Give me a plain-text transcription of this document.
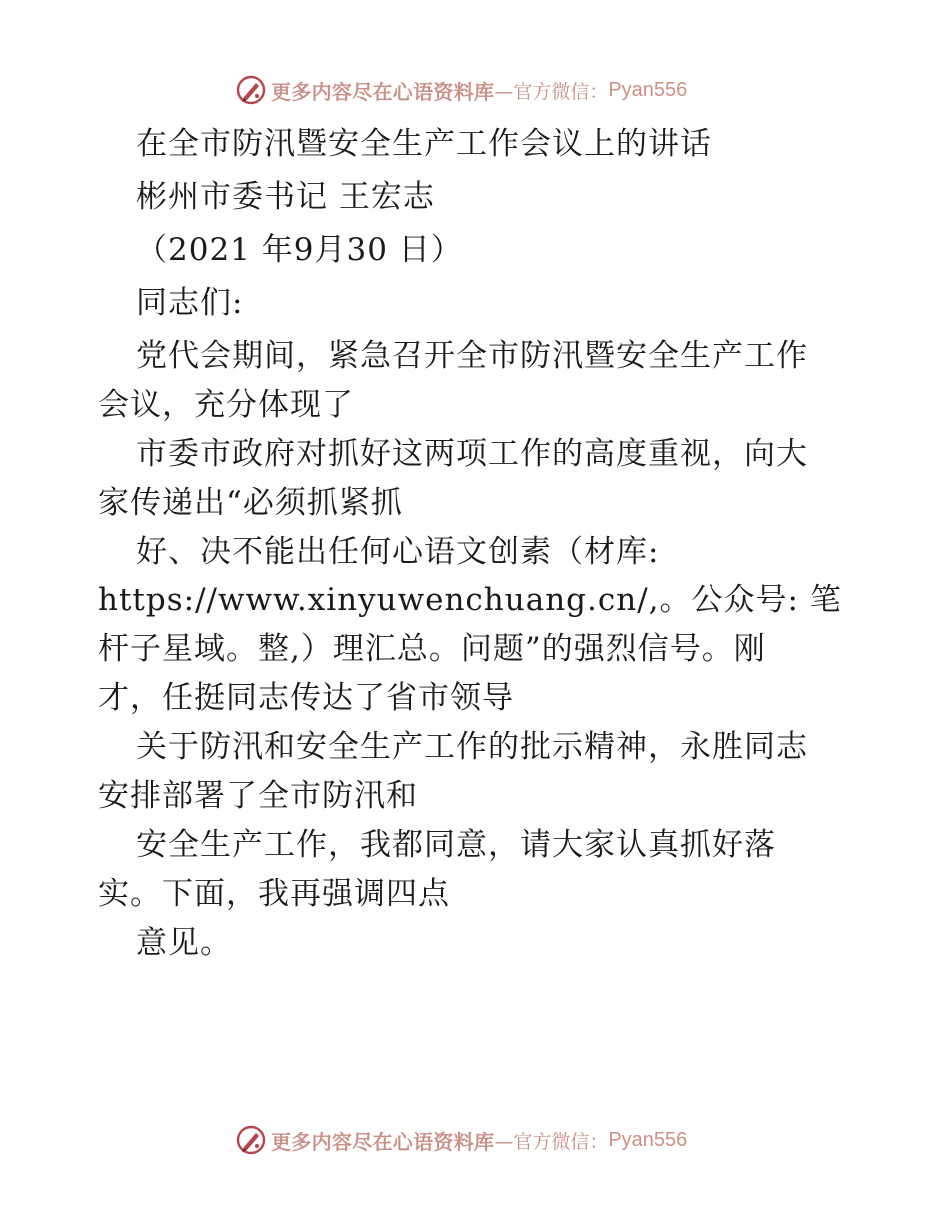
更多内容尽在心语资料库 —官方微信： Pyan556
在全市防汛暨安全生产工作会议上的讲话
彬州市委书记 王宏志
（2021 年9月30 日）
同志们:
党代会期间，紧急召开全市防汛暨安全生产工作
会议，充分体现了
市委市政府对抓好这两项工作的高度重视，向大
家传递出“必须抓紧抓
好、决不能出任何心语文创素（材库:
https://www.xinyuwenchuang.cn/,。公众号: 笔
杆子星域。整,）理汇总。问题”的强烈信号。刚
才，任挺同志传达了省市领导
关于防汛和安全生产工作的批示精神，永胜同志
安排部署了全市防汛和
安全生产工作，我都同意，请大家认真抓好落
实。下面，我再强调四点
意见。
更多内容尽在心语资料库 —官方微信： Pyan556
